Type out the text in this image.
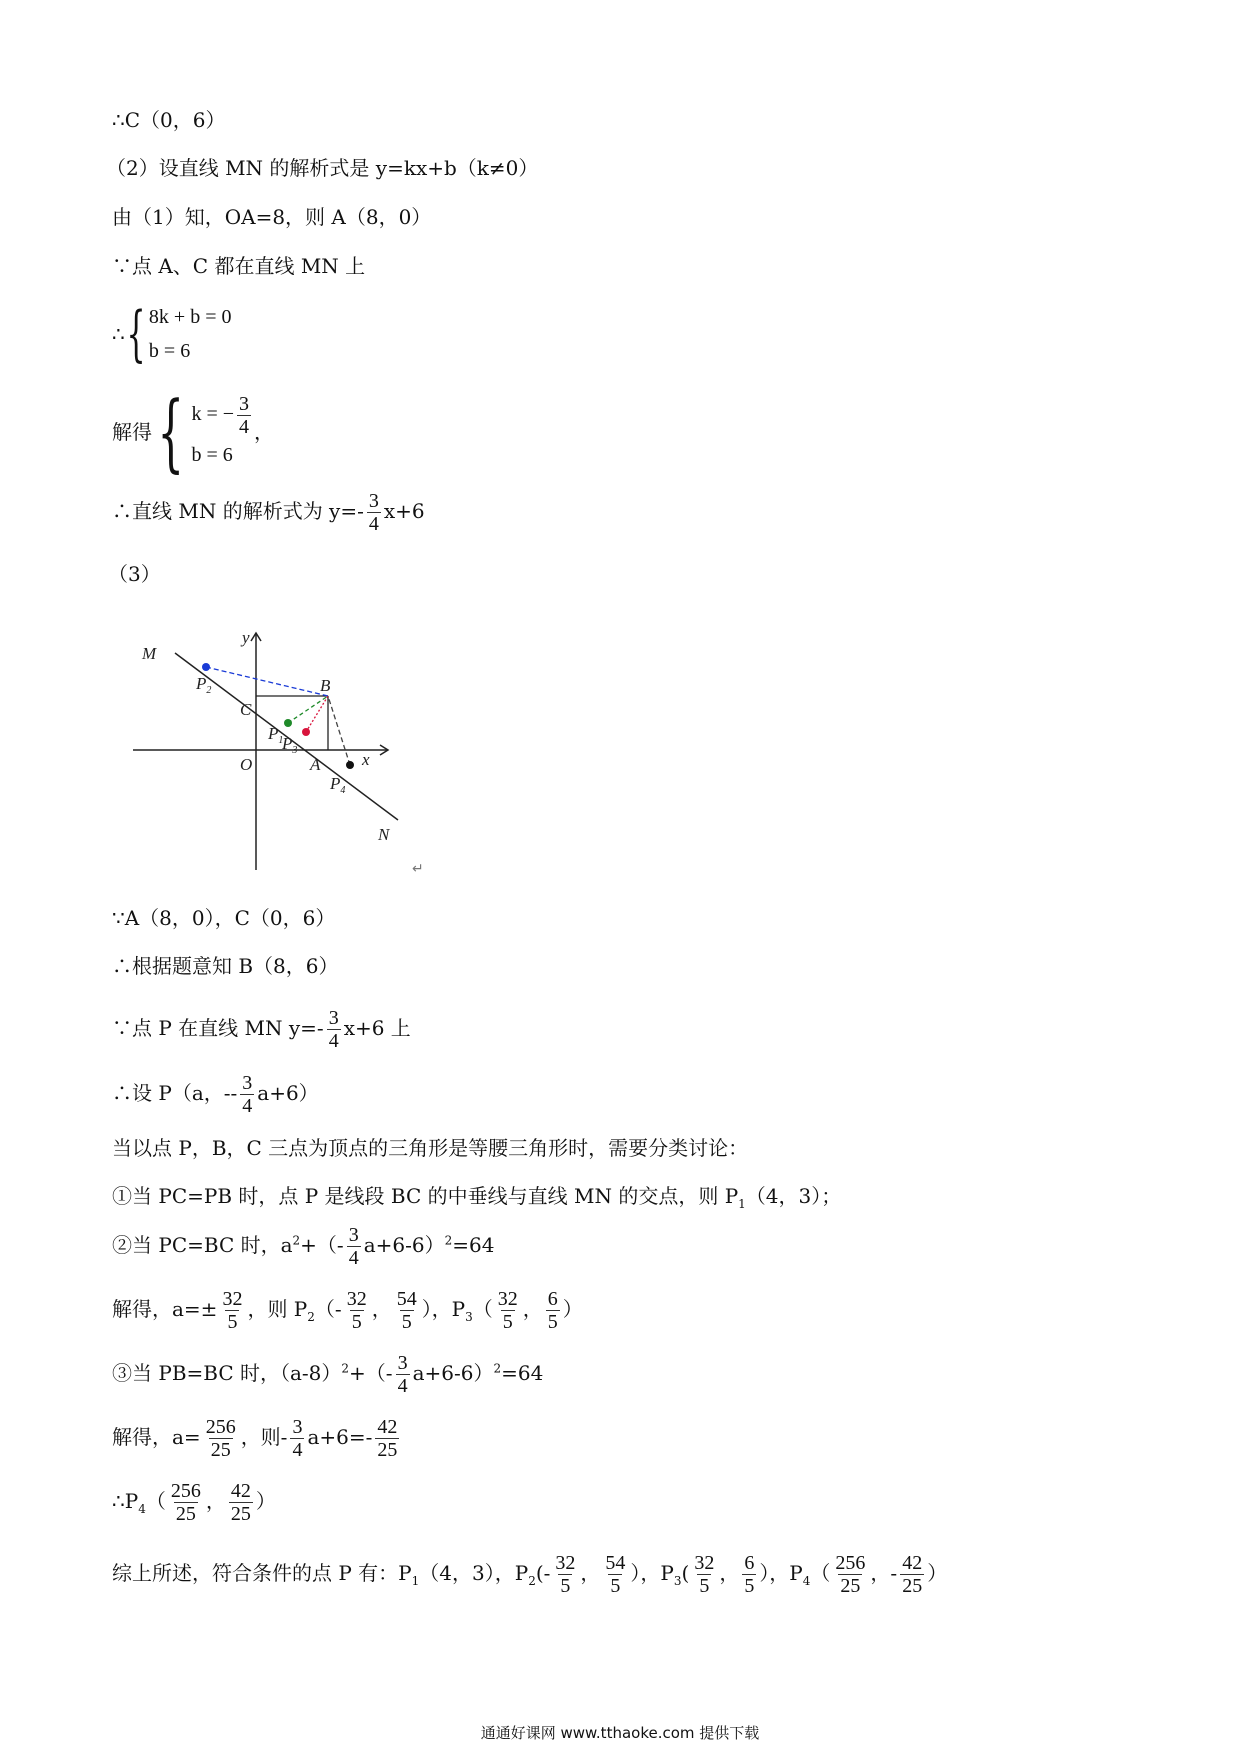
∴C（0，6）
（2）设直线 MN 的解析式是 y=kx+b（k≠0）
由（1）知，OA=8，则 A（8，0）
∵点 A、C 都在直线 MN 上
∴{ 8k + b = 0
b = 6
解得{ k = − $\frac{3}{4}$
b = 6
，
∴直线 MN 的解析式为 $y=- \frac{3}{4} x+6$
（3）
y
x
M
N
C
B
O	A
$P_2$
$P_1$
$P_3$
$P_4$
↵
∵A（8，0），C（0，6）
∴根据题意知 B（8，6）
∵点 P 在直线 MN $y=- \frac{3}{4} x+6$ 上
∴设 P（a，-- $\frac{3}{4} a+6$）
当以点 P，B，C 三点为顶点的三角形是等腰三角形时，需要分类讨论：
①当 PC=PB 时，点 P 是线段 BC 的中垂线与直线 MN 的交点，则 $P_1(4$，3）；
②当 PC=BC 时，$a^2+(- \frac{3}{4} a+6-6)^2=64$
解得，$a=\pm \frac{32}{5}$ ，则 $P_2(- \frac{32}{5}$ ， $\frac{54}{5}$ ），$P_3( \frac{32}{5}$ ， $\frac{6}{5}$ ）
③当 PB=BC 时，$(a-8)^2+(- \frac{3}{4} a+6-6)^2=64$
解得，$a= \frac{256}{25}$ ，则- $\frac{3}{4} a+6=- \frac{42}{25}$
$\therefore P_4( \frac{256}{25}$ ， $\frac{42}{25}$ ）
综上所述，符合条件的点 P 有：$P_1(4$，3），$P_2(- \frac{32}{5}$ ， $\frac{54}{5}$ ），$P_3( \frac{32}{5}$ ， $\frac{6}{5}$ ），$P_4( \frac{256}{25}$ ，- $\frac{42}{25}$ ）
通通好课网 www.tthaoke.com 提供下载
